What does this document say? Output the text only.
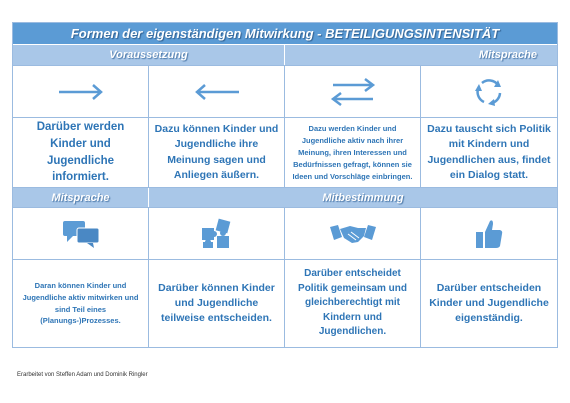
Formen der eigenständigen Mitwirkung - BETEILIGUNGSINTENSITÄT
Voraussetzung	Mitsprache
Darüber werden Kinder und Jugendliche informiert.
Dazu können Kinder und Jugendliche ihre Meinung sagen und Anliegen äußern.
Dazu werden Kinder und Jugendliche aktiv nach ihrer Meinung, ihren Interessen und Bedürfnissen gefragt, können sie Ideen und Vorschläge einbringen.
Dazu tauscht sich Politik mit Kindern und Jugendlichen aus, findet ein Dialog statt.
Mitsprache	Mitbestimmung
Daran können Kinder und Jugendliche aktiv mitwirken und sind Teil eines (Planungs-)Prozesses.
Darüber können Kinder und Jugendliche teilweise entscheiden.
Darüber entscheidet Politik gemeinsam und gleichberechtigt mit Kindern und Jugendlichen.
Darüber entscheiden Kinder und Jugendliche eigenständig.
Erarbeitet von Steffen Adam und Dominik Ringler
